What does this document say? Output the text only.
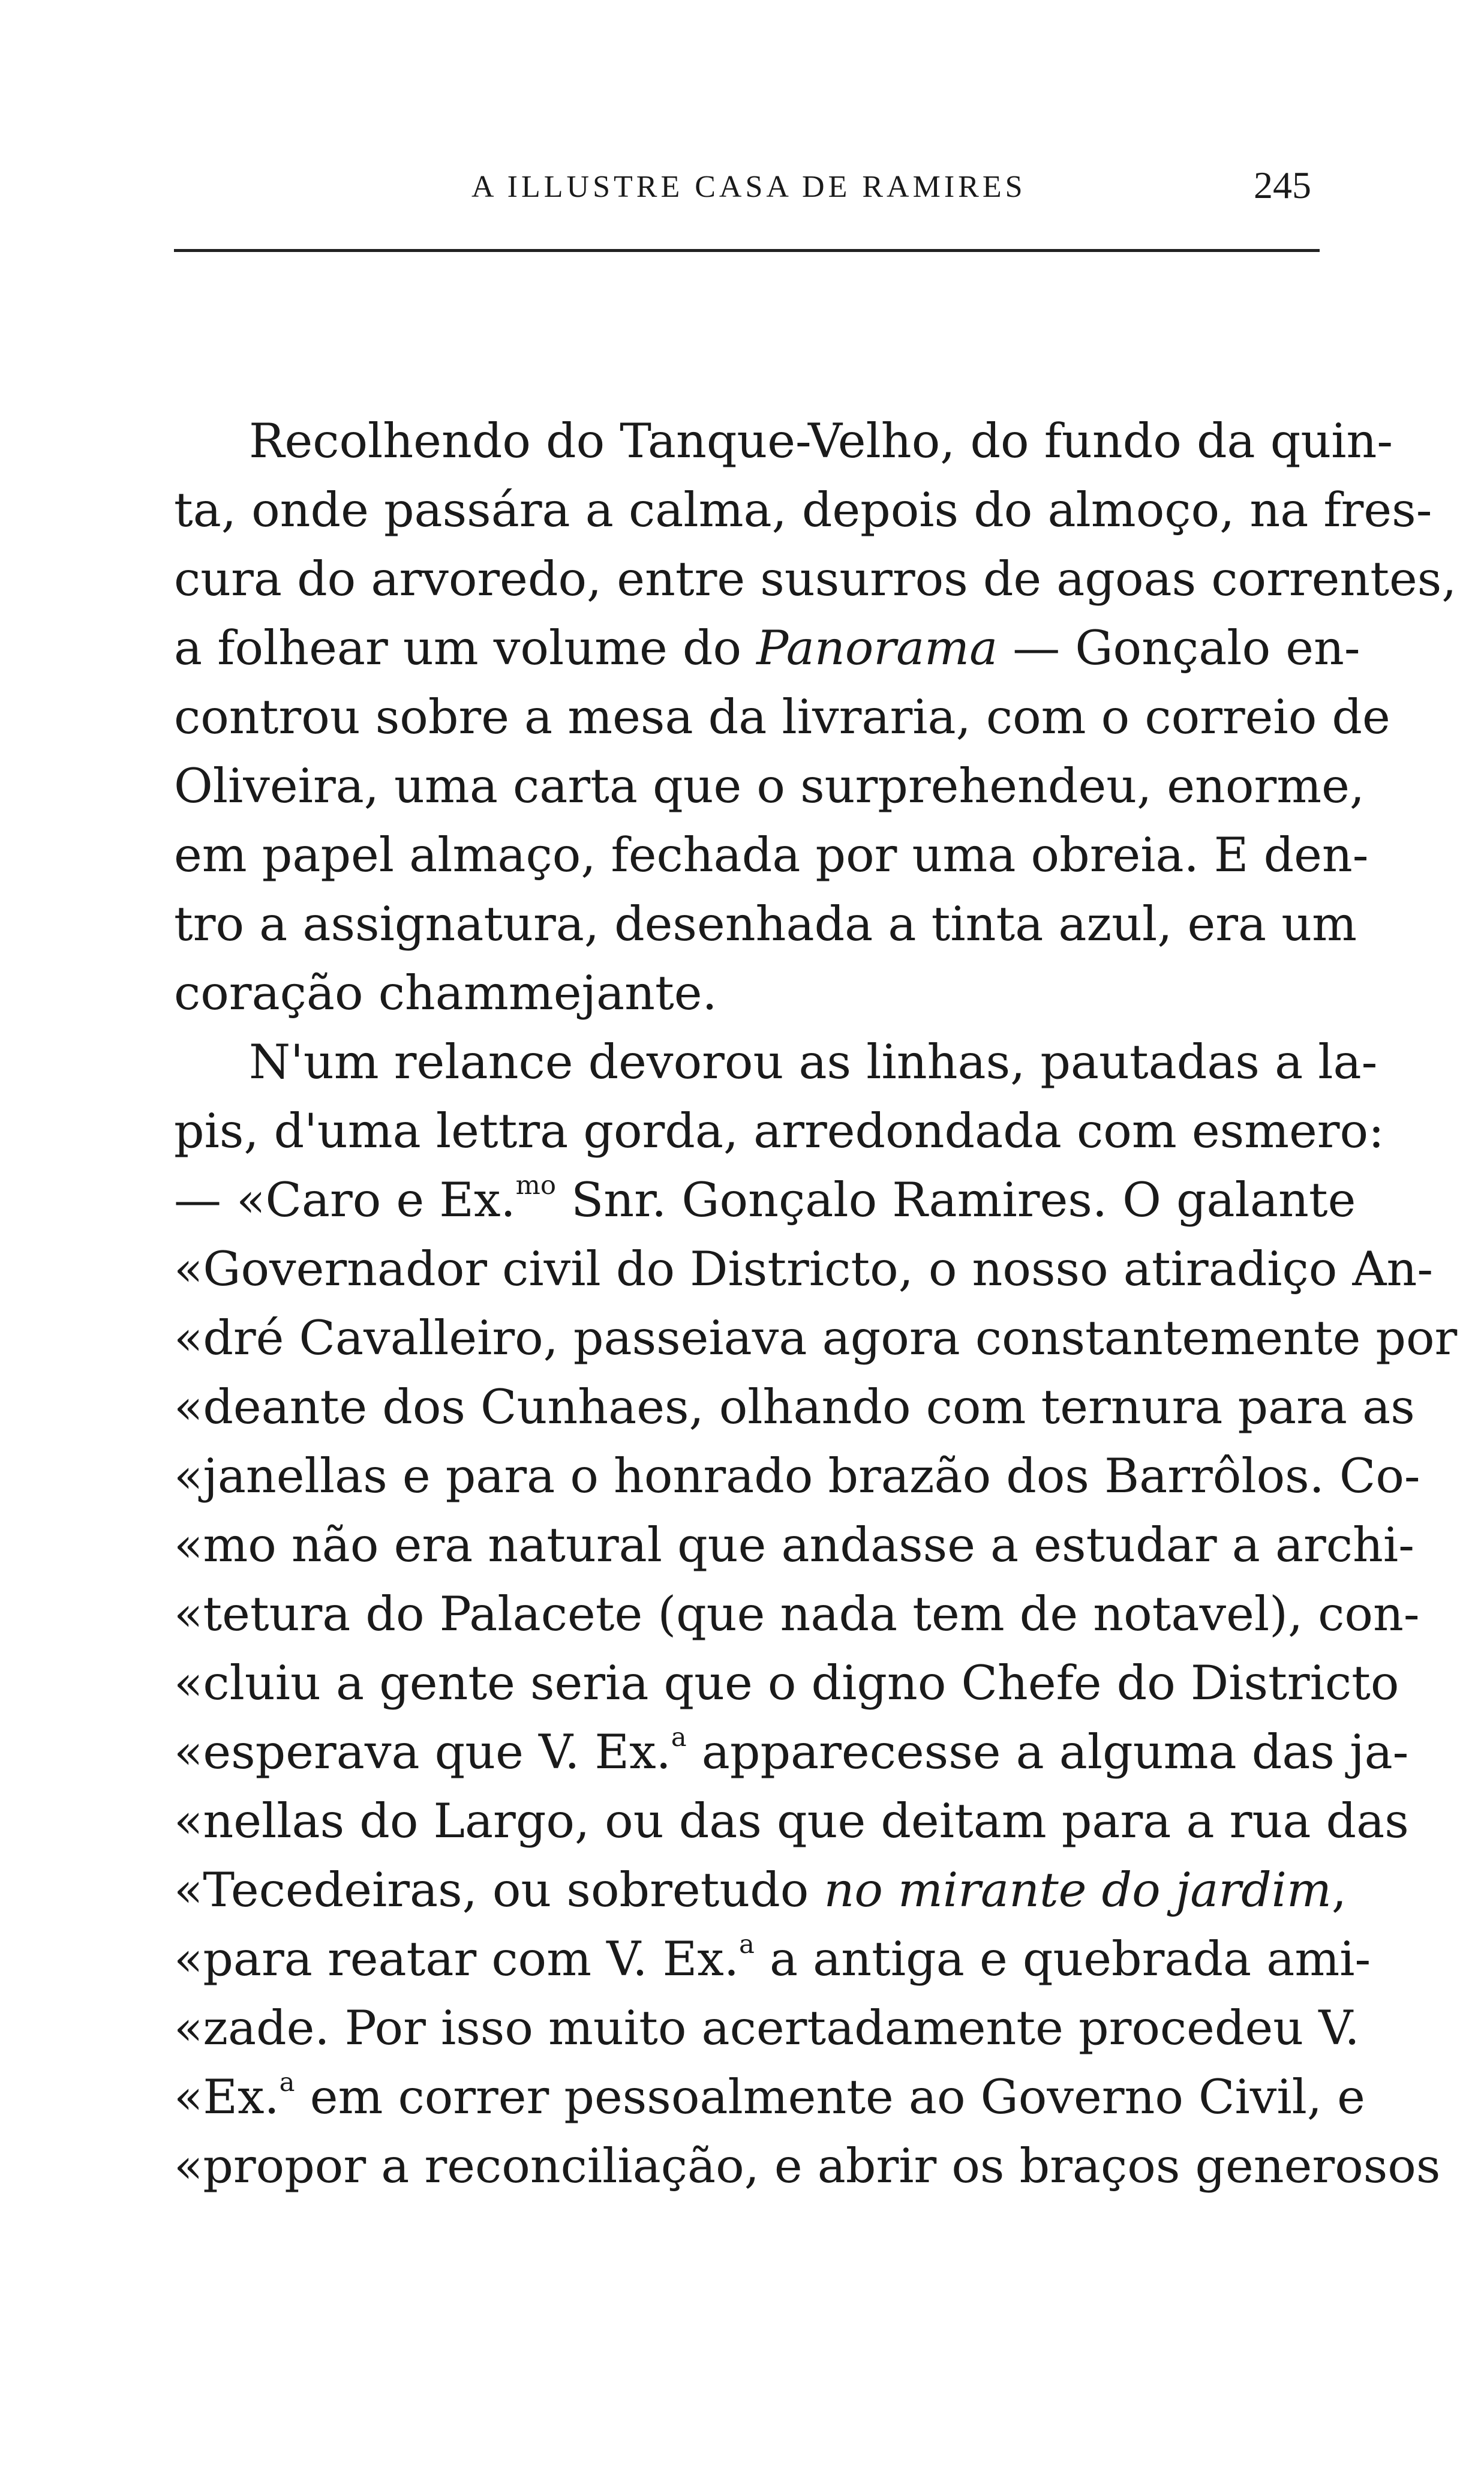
A ILLUSTRE CASA DE RAMIRES	245
Recolhendo do Tanque-Velho, do fundo da quin-
ta, onde passára a calma, depois do almoço, na fres-
cura do arvoredo, entre susurros de agoas correntes,
a folhear um volume do Panorama — Gonçalo en-
controu sobre a mesa da livraria, com o correio de
Oliveira, uma carta que o surprehendeu, enorme,
em papel almaço, fechada por uma obreia. E den-
tro a assignatura, desenhada a tinta azul, era um
coração chammejante.
N'um relance devorou as linhas, pautadas a la-
pis, d'uma lettra gorda, arredondada com esmero:
— «Caro e Ex.$^{mo}$ Snr. Gonçalo Ramires. O galante
«Governador civil do Districto, o nosso atiradiço An-
«dré Cavalleiro, passeiava agora constantemente por
«deante dos Cunhaes, olhando com ternura para as
«janellas e para o honrado brazão dos Barrôlos. Co-
«mo não era natural que andasse a estudar a archi-
«tetura do Palacete (que nada tem de notavel), con-
«cluiu a gente seria que o digno Chefe do Districto
«esperava que V. Ex.$^a$ apparecesse a alguma das ja-
«nellas do Largo, ou das que deitam para a rua das
«Tecedeiras, ou sobretudo no mirante do jardim,
«para reatar com V. Ex.$^a$ a antiga e quebrada ami-
«zade. Por isso muito acertadamente procedeu V.
«Ex.$^a$ em correr pessoalmente ao Governo Civil, e
«propor a reconciliação, e abrir os braços generosos
